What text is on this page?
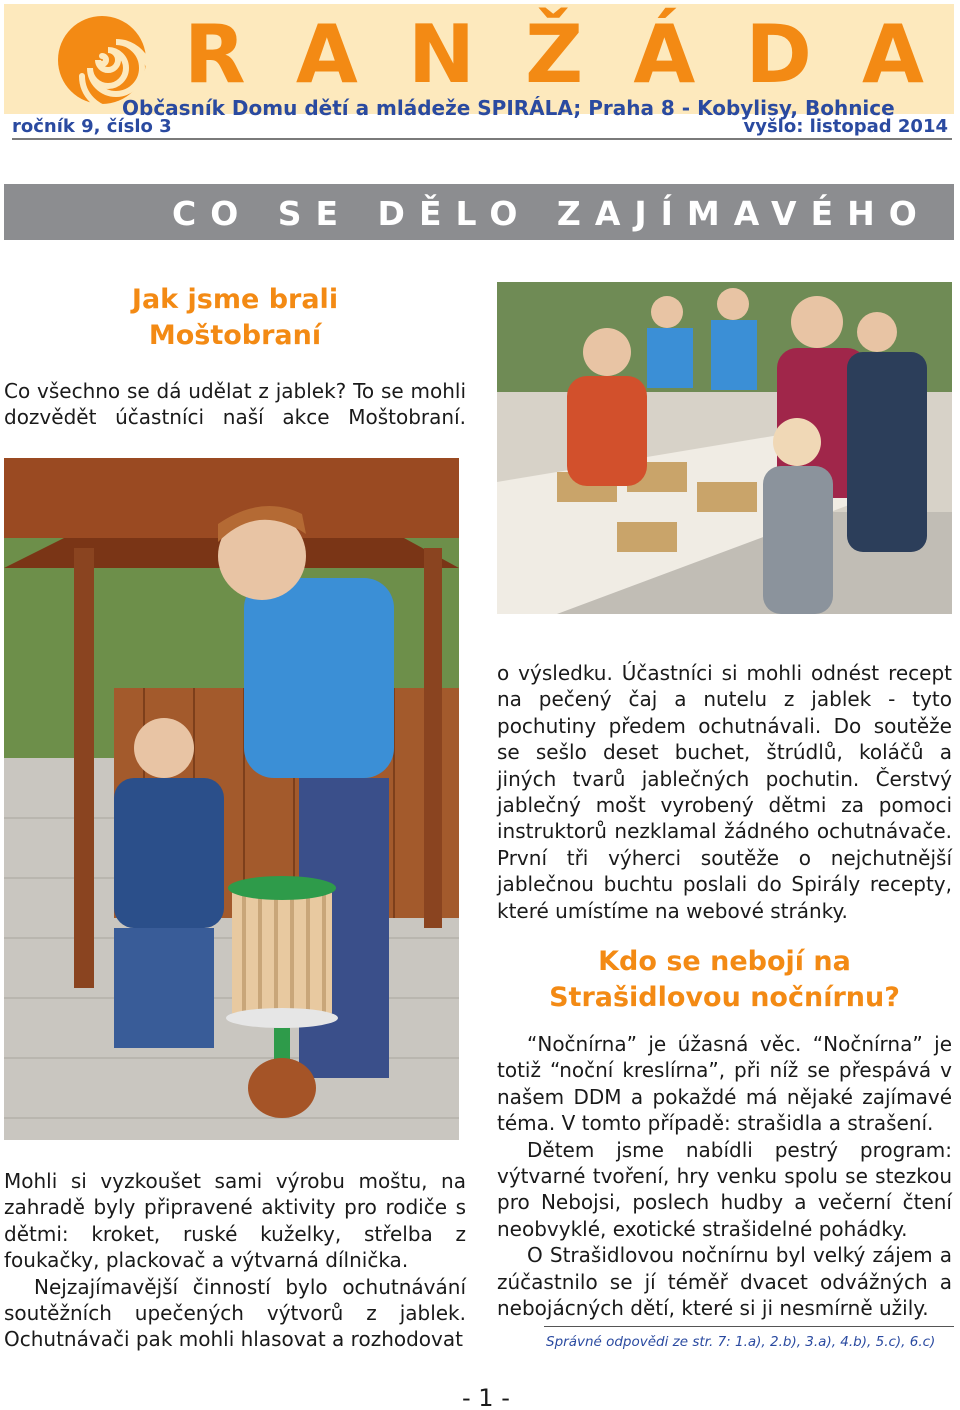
R A N Ž Á D A
Občasník Domu dětí a mládeže SPIRÁLA; Praha 8 - Kobylisy, Bohnice
ročník 9, číslo 3	vyšlo: listopad 2014
CO SE DĚLO ZAJÍMAVÉHO
Jak jsme brali
Moštobraní
Co všechno se dá udělat z jablek? To se mohli
dozvědět účastníci naší akce Moštobraní.

Mohli si vyzkoušet sami výrobu moštu, na zahradě byly připravené aktivity pro rodiče s dětmi: kroket, ruské kuželky, střelba z foukačky, plackovač a výtvarná dílnička.

Nejzajímavější činností bylo ochutnávání soutěžních upečených výtvorů z jablek. Ochutnávači pak mohli hlasovat a rozhodovat

o výsledku. Účastníci si mohli odnést recept na pečený čaj a nutelu z jablek - tyto pochutiny předem ochutnávali. Do soutěže se sešlo deset buchet, štrúdlů, koláčů a jiných tvarů jablečných pochutin. Čerstvý jablečný mošt vyrobený dětmi za pomoci instruktorů nezklamal žádného ochutnávače. První tři výherci soutěže o nejchutnější jablečnou buchtu poslali do Spirály recepty, které umístíme na webové stránky.

Kdo se nebojí na
Strašidlovou nočnírnu?

“Nočnírna” je úžasná věc. “Nočnírna” je totiž “noční kreslírna”, při níž se přespává v našem DDM a pokaždé má nějaké zajímavé téma. V tomto případě: strašidla a strašení.

Dětem jsme nabídli pestrý program: výtvarné tvoření, hry venku spolu se stezkou pro Nebojsi, poslech hudby a večerní čtení neobvyklé, exotické strašidelné pohádky.

O Strašidlovou nočnírnu byl velký zájem a zúčastnilo se jí téměř dvacet odvážných a nebojácných dětí, které si ji nesmírně užily.

Správné odpovědi ze str. 7: 1.a), 2.b), 3.a), 4.b), 5.c), 6.c)
- 1 -
